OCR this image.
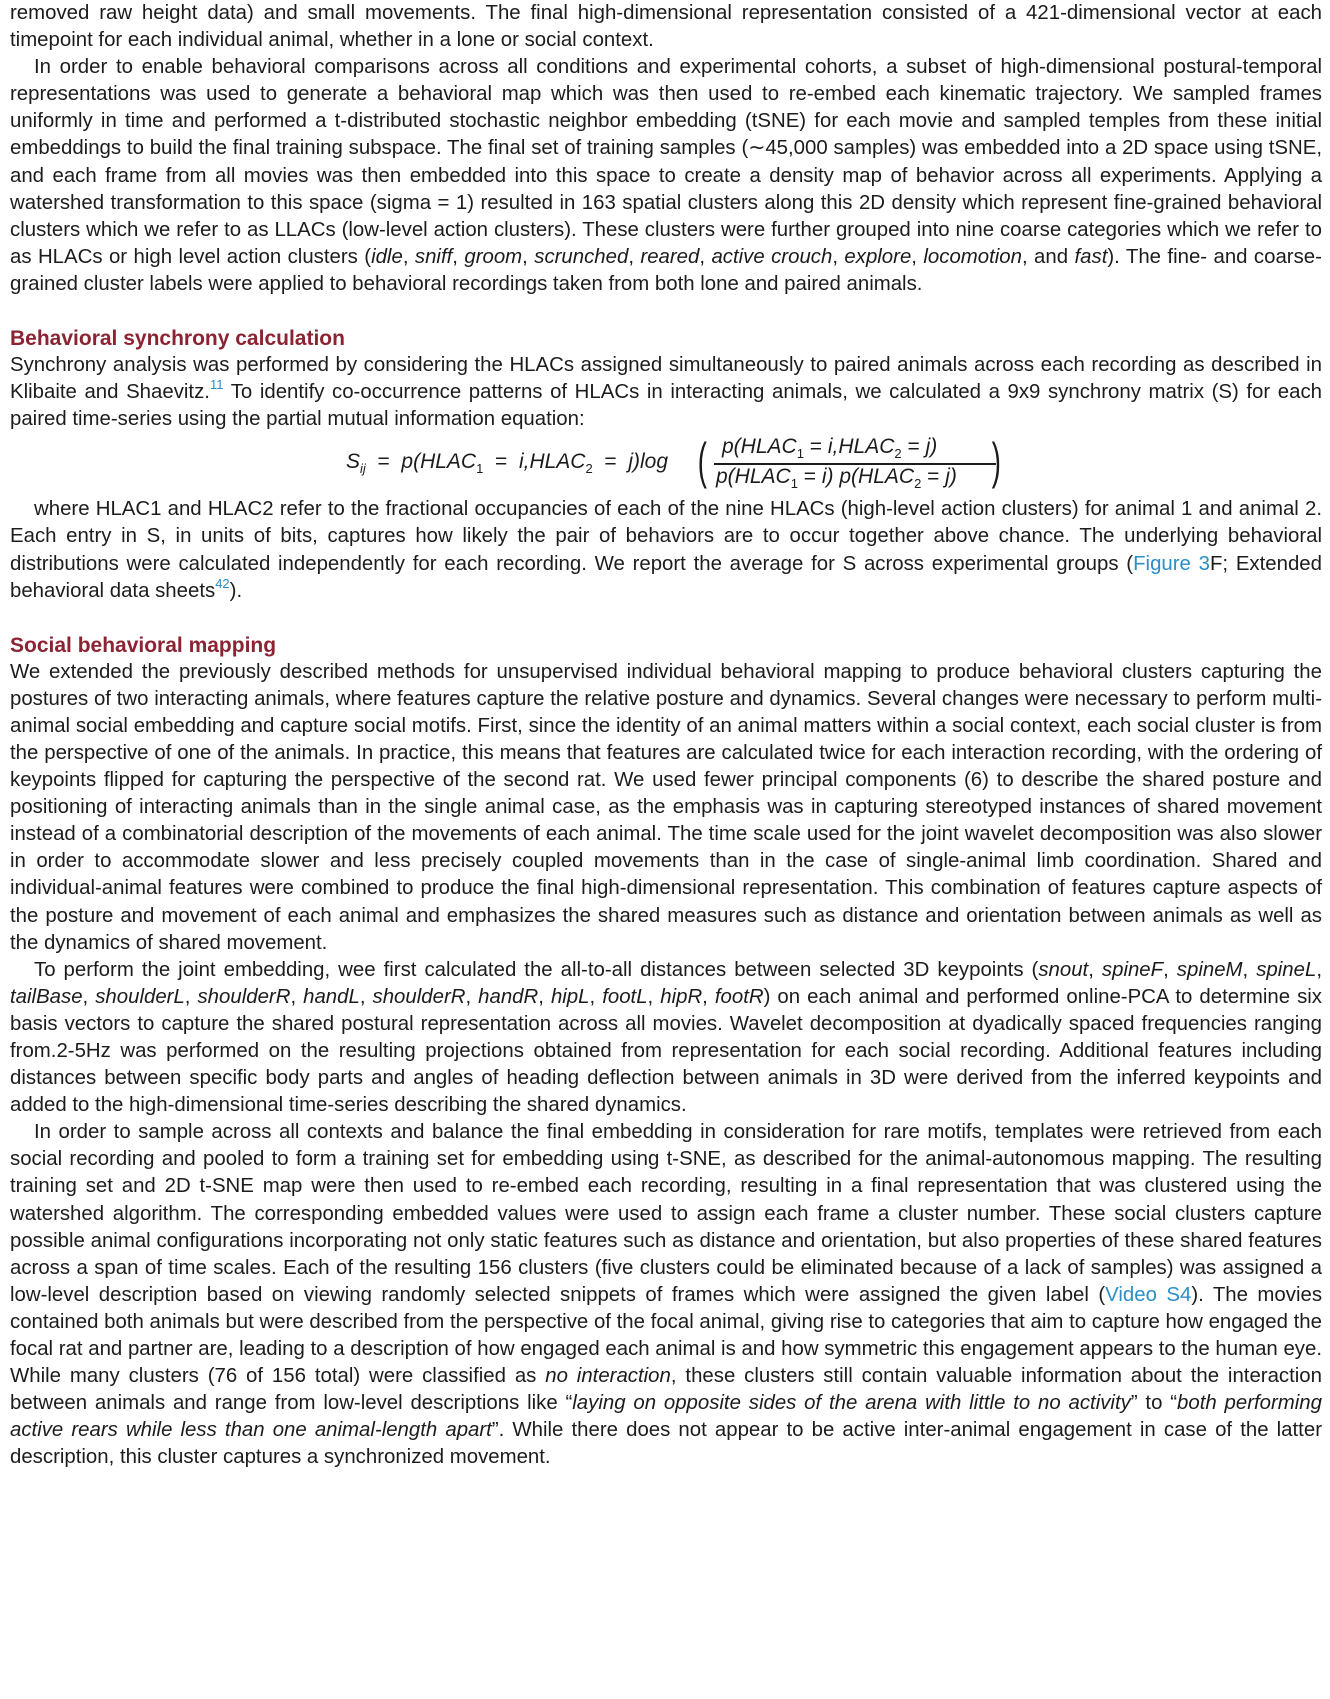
removed raw height data) and small movements. The final high-dimensional representation consisted of a 421-dimensional vector at each timepoint for each individual animal, whether in a lone or social context.

In order to enable behavioral comparisons across all conditions and experimental cohorts, a subset of high-dimensional postural-temporal representations was used to generate a behavioral map which was then used to re-embed each kinematic trajectory. We sampled frames uniformly in time and performed a t-distributed stochastic neighbor embedding (tSNE) for each movie and sampled temples from these initial embeddings to build the final training subspace. The final set of training samples (∼45,000 samples) was embedded into a 2D space using tSNE, and each frame from all movies was then embedded into this space to create a density map of behavior across all experiments. Applying a watershed transformation to this space (sigma = 1) resulted in 163 spatial clusters along this 2D density which represent fine-grained behavioral clusters which we refer to as LLACs (low-level action clusters). These clusters were further grouped into nine coarse categories which we refer to as HLACs or high level action clusters (idle, sniff, groom, scrunched, reared, active crouch, explore, locomotion, and fast). The fine- and coarse-grained cluster labels were applied to behavioral recordings taken from both lone and paired animals.

Behavioral synchrony calculation

Synchrony analysis was performed by considering the HLACs assigned simultaneously to paired animals across each recording as described in Klibaite and Shaevitz.$^{11}$ To identify co-occurrence patterns of HLACs in interacting animals, we calculated a 9x9 synchrony matrix (S) for each paired time-series using the partial mutual information equation:

$S_{ij}$  =  $p(HLAC_1$  =  $i,HLAC_2 = j)\log$ ( $p(HLAC_1$ = $i,HLAC_2 = j$)
$p(HLAC_1 = i)$ $p(HLAC_2 = j)$ )

where HLAC1 and HLAC2 refer to the fractional occupancies of each of the nine HLACs (high-level action clusters) for animal 1 and animal 2. Each entry in S, in units of bits, captures how likely the pair of behaviors are to occur together above chance. The underlying behavioral distributions were calculated independently for each recording. We report the average for S across experimental groups (Figure 3F; Extended behavioral data sheets$^{42}$).

Social behavioral mapping

We extended the previously described methods for unsupervised individual behavioral mapping to produce behavioral clusters capturing the postures of two interacting animals, where features capture the relative posture and dynamics. Several changes were necessary to perform multi-animal social embedding and capture social motifs. First, since the identity of an animal matters within a social context, each social cluster is from the perspective of one of the animals. In practice, this means that features are calculated twice for each interaction recording, with the ordering of keypoints flipped for capturing the perspective of the second rat. We used fewer principal components (6) to describe the shared posture and positioning of interacting animals than in the single animal case, as the emphasis was in capturing stereotyped instances of shared movement instead of a combinatorial description of the movements of each animal. The time scale used for the joint wavelet decomposition was also slower in order to accommodate slower and less precisely coupled movements than in the case of single-animal limb coordination. Shared and individual-animal features were combined to produce the final high-dimensional representation. This combination of features capture aspects of the posture and movement of each animal and emphasizes the shared measures such as distance and orientation between animals as well as the dynamics of shared movement.

To perform the joint embedding, wee first calculated the all-to-all distances between selected 3D keypoints (snout, spineF, spineM, spineL, tailBase, shoulderL, shoulderR, handL, shoulderR, handR, hipL, footL, hipR, footR) on each animal and performed online-PCA to determine six basis vectors to capture the shared postural representation across all movies. Wavelet decomposition at dyadically spaced frequencies ranging from.2-5Hz was performed on the resulting projections obtained from representation for each social recording. Additional features including distances between specific body parts and angles of heading deflection between animals in 3D were derived from the inferred keypoints and added to the high-dimensional time-series describing the shared dynamics.

In order to sample across all contexts and balance the final embedding in consideration for rare motifs, templates were retrieved from each social recording and pooled to form a training set for embedding using t-SNE, as described for the animal-autonomous mapping. The resulting training set and 2D t-SNE map were then used to re-embed each recording, resulting in a final representation that was clustered using the watershed algorithm. The corresponding embedded values were used to assign each frame a cluster number. These social clusters capture possible animal configurations incorporating not only static features such as distance and orientation, but also properties of these shared features across a span of time scales. Each of the resulting 156 clusters (five clusters could be eliminated because of a lack of samples) was assigned a low-level description based on viewing randomly selected snippets of frames which were assigned the given label (Video S4). The movies contained both animals but were described from the perspective of the focal animal, giving rise to categories that aim to capture how engaged the focal rat and partner are, leading to a description of how engaged each animal is and how symmetric this engagement appears to the human eye. While many clusters (76 of 156 total) were classified as no interaction, these clusters still contain valuable information about the interaction between animals and range from low-level descriptions like “laying on opposite sides of the arena with little to no activity” to “both performing active rears while less than one animal-length apart”. While there does not appear to be active inter-animal engagement in case of the latter description, this cluster captures a synchronized movement.
